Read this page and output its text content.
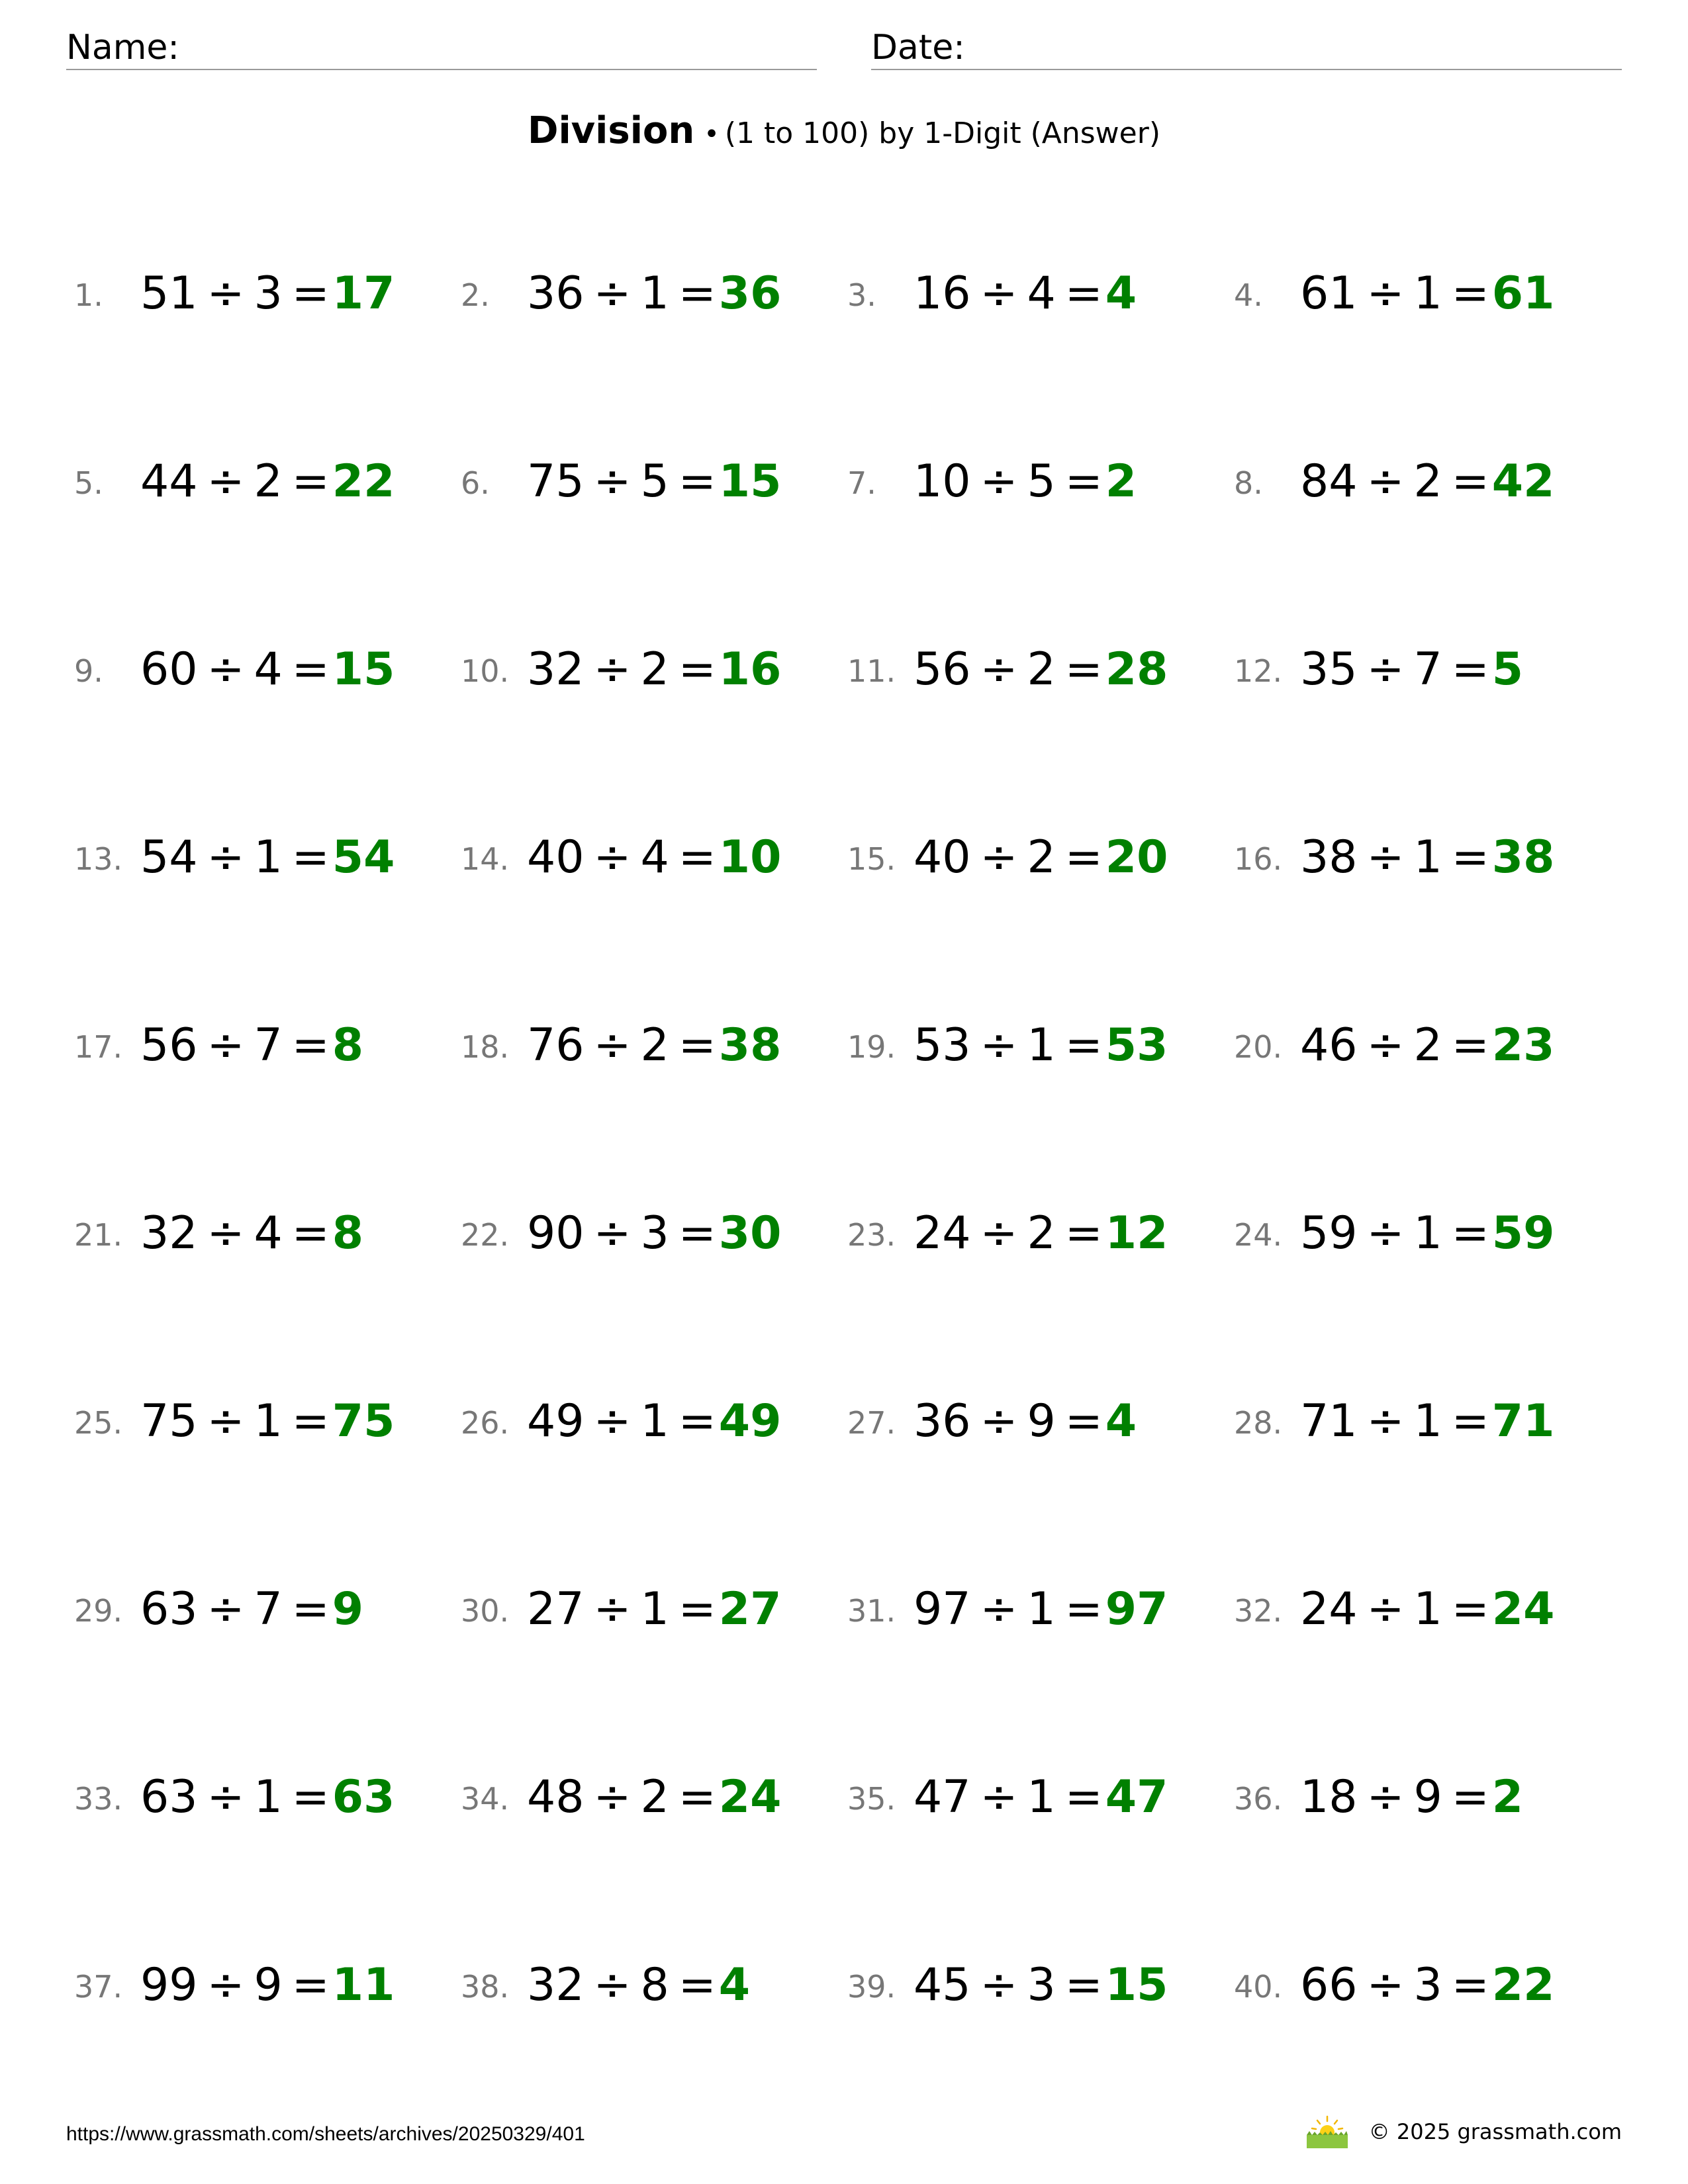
Name:	Date:
Division • (1 to 100) by 1-Digit (Answer)
1. 51 ÷ 3 =17 2. 36 ÷ 1 =36 3. 16 ÷ 4 =4	4. 61 ÷ 1 =61
5. 44 ÷ 2 =22 6. 75 ÷ 5 =15 7. 10 ÷ 5 =2	8. 84 ÷ 2 =42
9. 60 ÷ 4 =15 10. 32 ÷ 2 =16 11. 56 ÷ 2 =28 12. 35 ÷ 7 =5
13. 54 ÷ 1 =54 14. 40 ÷ 4 =10 15. 40 ÷ 2 =20 16. 38 ÷ 1 =38
17. 56 ÷ 7 =8	18. 76 ÷ 2 =38 19. 53 ÷ 1 =53 20. 46 ÷ 2 =23
21. 32 ÷ 4 =8	22. 90 ÷ 3 =30 23. 24 ÷ 2 =12 24. 59 ÷ 1 =59
25. 75 ÷ 1 =75 26. 49 ÷ 1 =49 27. 36 ÷ 9 =4	28. 71 ÷ 1 =71
29. 63 ÷ 7 =9	30. 27 ÷ 1 =27 31. 97 ÷ 1 =97 32. 24 ÷ 1 =24
33. 63 ÷ 1 =63 34. 48 ÷ 2 =24 35. 47 ÷ 1 =47 36. 18 ÷ 9 =2
37. 99 ÷ 9 =11 38. 32 ÷ 8 =4	39. 45 ÷ 3 =15 40. 66 ÷ 3 =22
https://www.grassmath.com/sheets/archives/20250329/401	© 2025 grassmath.com
